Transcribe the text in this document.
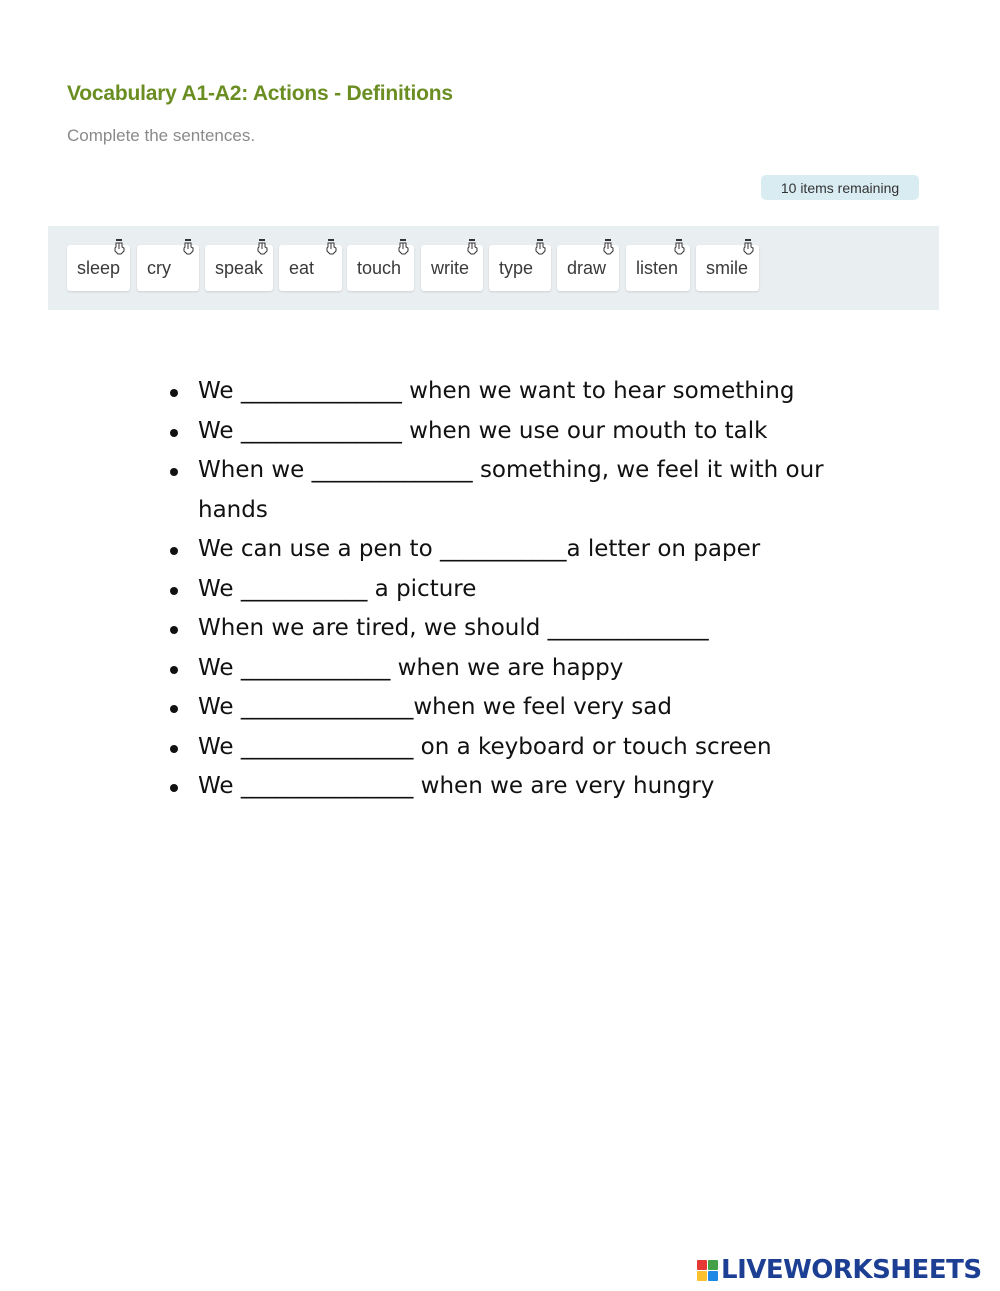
Vocabulary A1-A2: Actions - Definitions
Complete the sentences.
10 items remaining
sleep cry speak eat touch write type draw listen smile
We ______________ when we want to hear something
We ______________ when we use our mouth to talk
When we ______________ something, we feel it with our hands
We can use a pen to ___________a letter on paper
We ___________ a picture
When we are tired, we should ______________
We _____________ when we are happy
We _______________when we feel very sad
We _______________ on a keyboard or touch screen
We _______________ when we are very hungry
LIVEWORKSHEETS
